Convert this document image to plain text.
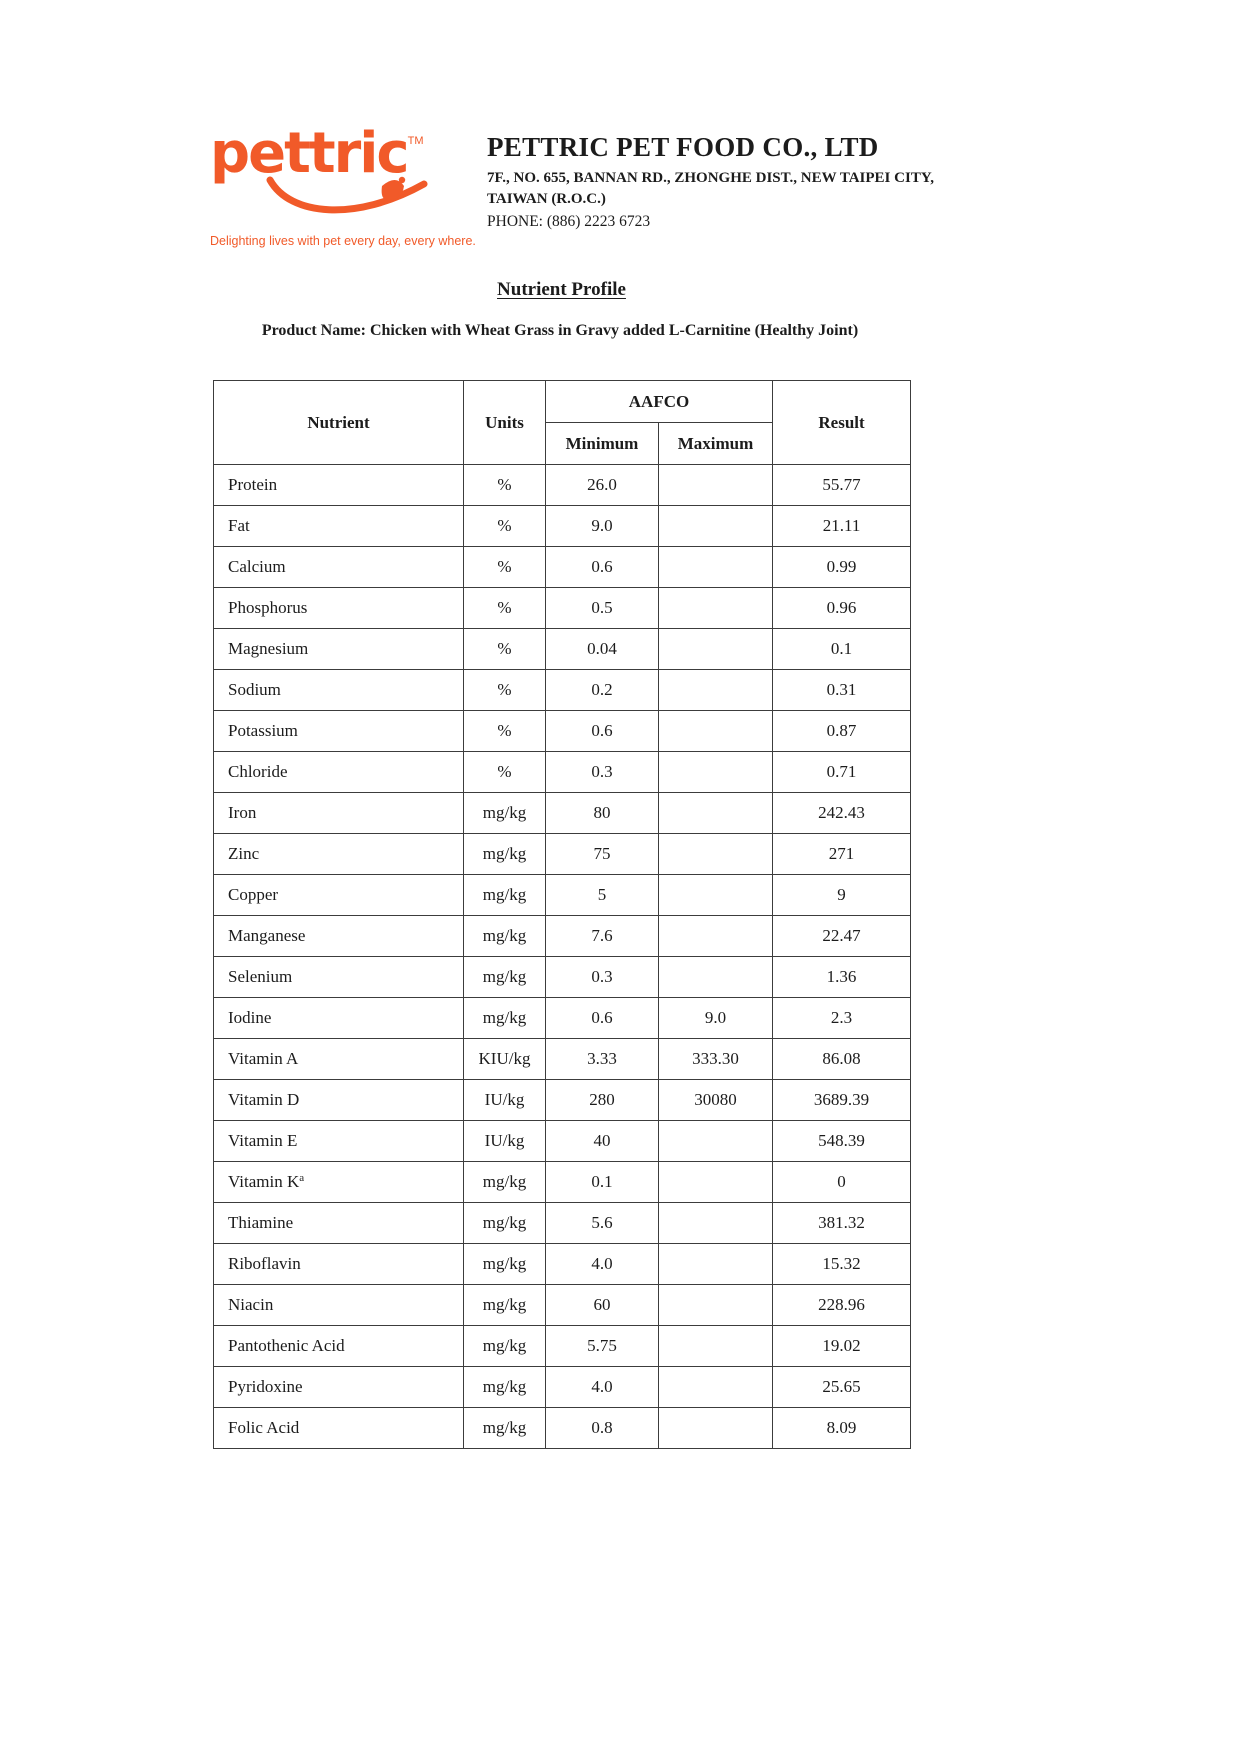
pettric™
Delighting lives with pet every day, every where.
PETTRIC PET FOOD CO., LTD
7F., NO. 655, BANNAN RD., ZHONGHE DIST., NEW TAIPEI CITY,
TAIWAN (R.O.C.)
PHONE: (886) 2223 6723
Nutrient Profile
Product Name: Chicken with Wheat Grass in Gravy added L-Carnitine (Healthy Joint)
Nutrient	Units	AAFCO		Result
		Minimum	Maximum	
Protein	%	26.0		55.77
Fat	%	9.0		21.11
Calcium	%	0.6		0.99
Phosphorus	%	0.5		0.96
Magnesium	%	0.04		0.1
Sodium	%	0.2		0.31
Potassium	%	0.6		0.87
Chloride	%	0.3		0.71
Iron	mg/kg	80		242.43
Zinc	mg/kg	75		271
Copper	mg/kg	5		9
Manganese	mg/kg	7.6		22.47
Selenium	mg/kg	0.3		1.36
Iodine	mg/kg	0.6	9.0	2.3
Vitamin A	KIU/kg	3.33	333.30	86.08
Vitamin D	IU/kg	280	30080	3689.39
Vitamin E	IU/kg	40		548.39
Vitamin $K^a$	mg/kg	0.1		0
Thiamine	mg/kg	5.6		381.32
Riboflavin	mg/kg	4.0		15.32
Niacin	mg/kg	60		228.96
Pantothenic Acid	mg/kg	5.75		19.02
Pyridoxine	mg/kg	4.0		25.65
Folic Acid	mg/kg	0.8		8.09
